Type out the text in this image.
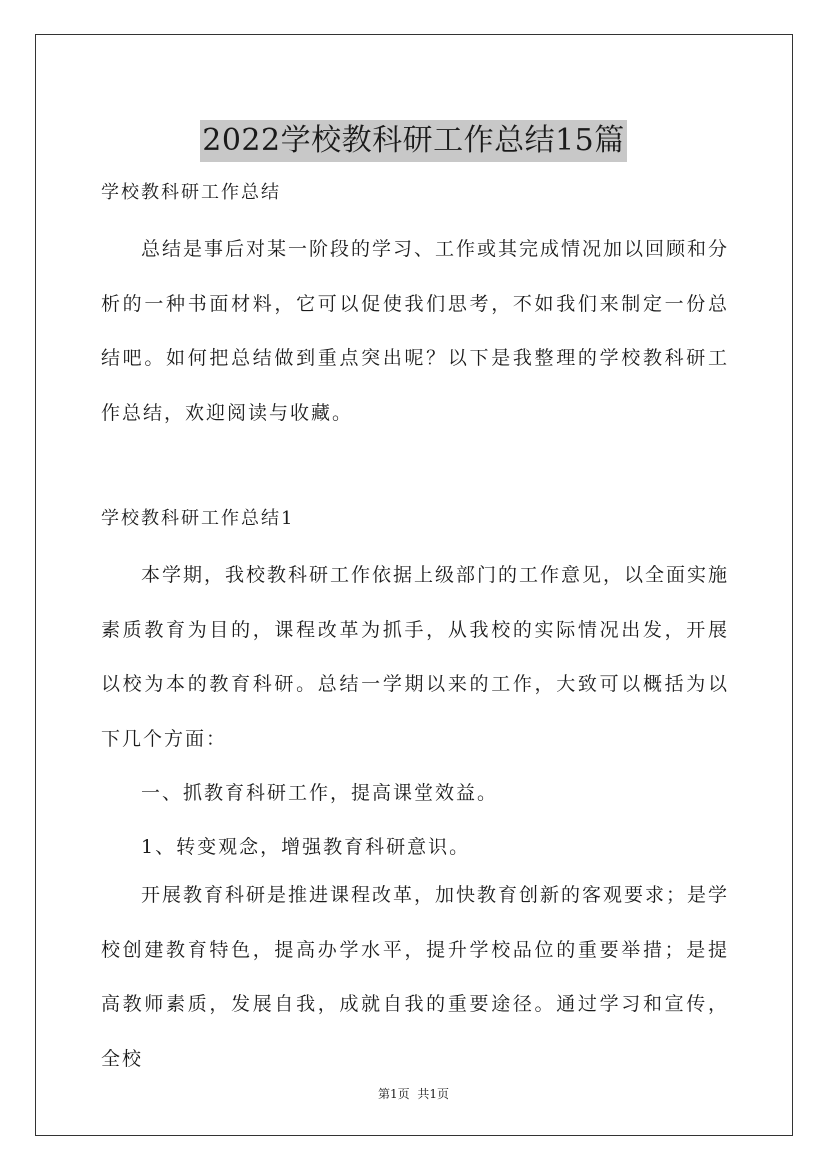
2022学校教科研工作总结15篇

学校教科研工作总结

总结是事后对某一阶段的学习、工作或其完成情况加以回顾和分析的一种书面材料，它可以促使我们思考，不如我们来制定一份总结吧。如何把总结做到重点突出呢？以下是我整理的学校教科研工作总结，欢迎阅读与收藏。

学校教科研工作总结1

本学期，我校教科研工作依据上级部门的工作意见，以全面实施素质教育为目的，课程改革为抓手，从我校的实际情况出发，开展以校为本的教育科研。总结一学期以来的工作，大致可以概括为以下几个方面：

一、抓教育科研工作，提高课堂效益。

1、转变观念，增强教育科研意识。

开展教育科研是推进课程改革，加快教育创新的客观要求；是学校创建教育特色，提高办学水平，提升学校品位的重要举措；是提高教师素质，发展自我，成就自我的重要途径。通过学习和宣传，全校

第1页 共1页
